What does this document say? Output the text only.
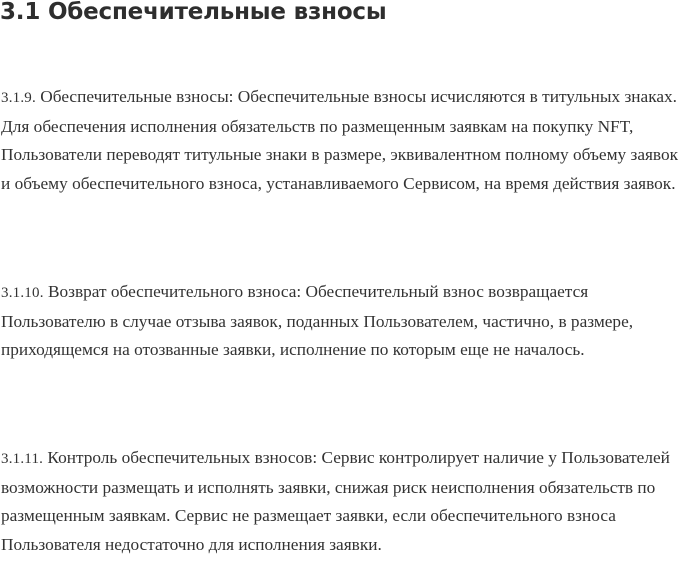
3.1 Обеспечительные взносы

3.1.9. Обеспечительные взносы: Обеспечительные взносы исчисляются в титульных знаках. Для обеспечения исполнения обязательств по размещенным заявкам на покупку NFT, Пользователи переводят титульные знаки в размере, эквивалентном полному объему заявок и объему обеспечительного взноса, устанавливаемого Сервисом, на время действия заявок.

3.1.10. Возврат обеспечительного взноса: Обеспечительный взнос возвращается Пользователю в случае отзыва заявок, поданных Пользователем, частично, в размере, приходящемся на отозванные заявки, исполнение по которым еще не началось.

3.1.11. Контроль обеспечительных взносов: Сервис контролирует наличие у Пользователей возможности размещать и исполнять заявки, снижая риск неисполнения обязательств по размещенным заявкам. Сервис не размещает заявки, если обеспечительного взноса Пользователя недостаточно для исполнения заявки.
